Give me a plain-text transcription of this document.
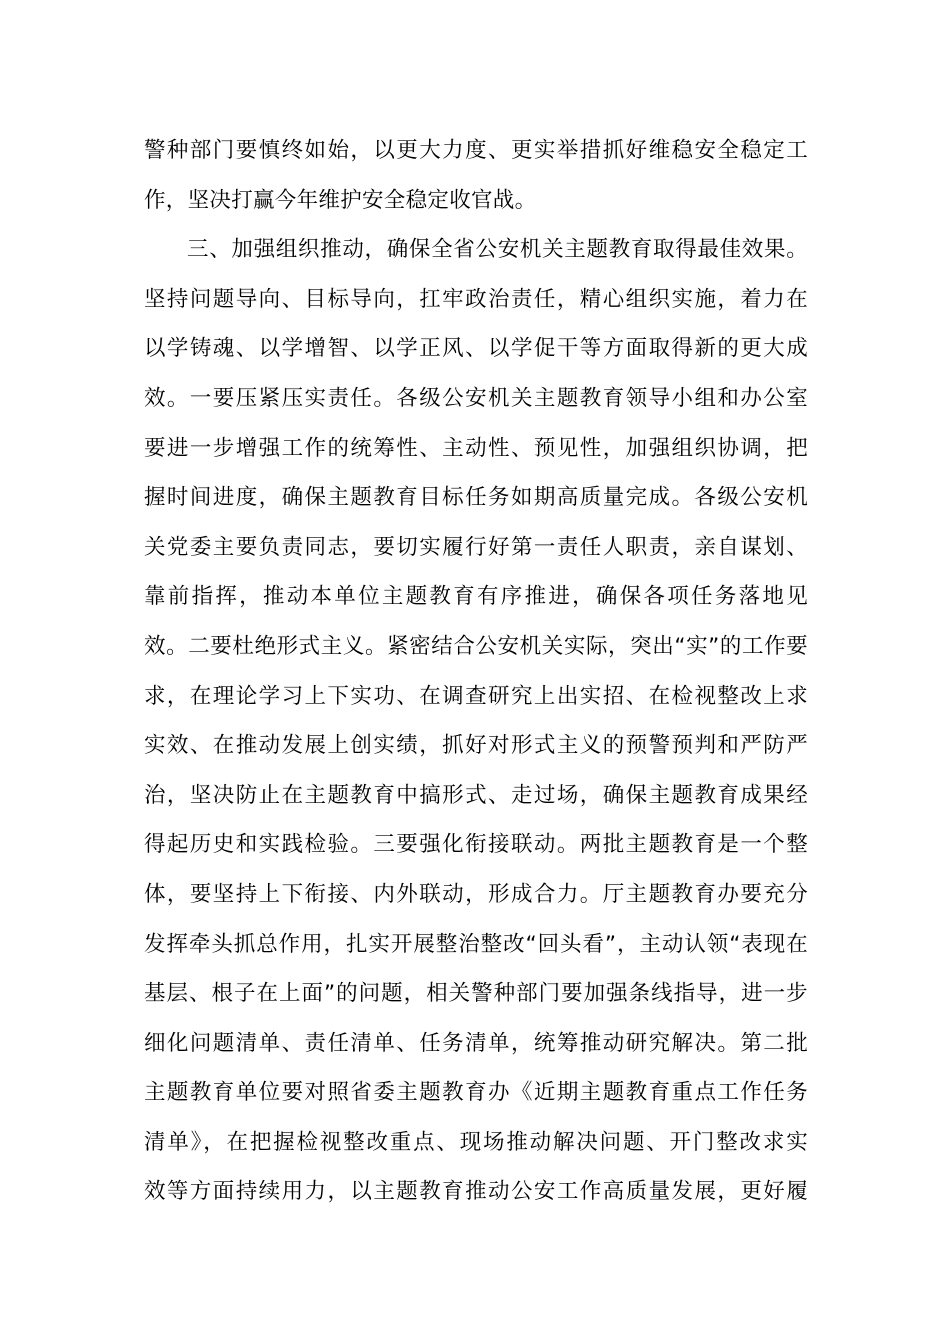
警种部门要慎终如始，以更大力度、更实举措抓好维稳安全稳定工
作，坚决打赢今年维护安全稳定收官战。
三、加强组织推动，确保全省公安机关主题教育取得最佳效果。
坚持问题导向、目标导向，扛牢政治责任，精心组织实施，着力在
以学铸魂、以学增智、以学正风、以学促干等方面取得新的更大成
效。一要压紧压实责任。各级公安机关主题教育领导小组和办公室
要进一步增强工作的统筹性、主动性、预见性，加强组织协调，把
握时间进度，确保主题教育目标任务如期高质量完成。各级公安机
关党委主要负责同志，要切实履行好第一责任人职责，亲自谋划、
靠前指挥，推动本单位主题教育有序推进，确保各项任务落地见
效。二要杜绝形式主义。紧密结合公安机关实际，突出“实”的工作要
求，在理论学习上下实功、在调查研究上出实招、在检视整改上求
实效、在推动发展上创实绩，抓好对形式主义的预警预判和严防严
治，坚决防止在主题教育中搞形式、走过场，确保主题教育成果经
得起历史和实践检验。三要强化衔接联动。两批主题教育是一个整
体，要坚持上下衔接、内外联动，形成合力。厅主题教育办要充分
发挥牵头抓总作用，扎实开展整治整改“回头看”，主动认领“表现在
基层、根子在上面”的问题，相关警种部门要加强条线指导，进一步
细化问题清单、责任清单、任务清单，统筹推动研究解决。第二批
主题教育单位要对照省委主题教育办《近期主题教育重点工作任务
清单》，在把握检视整改重点、现场推动解决问题、开门整改求实
效等方面持续用力，以主题教育推动公安工作高质量发展，更好履
